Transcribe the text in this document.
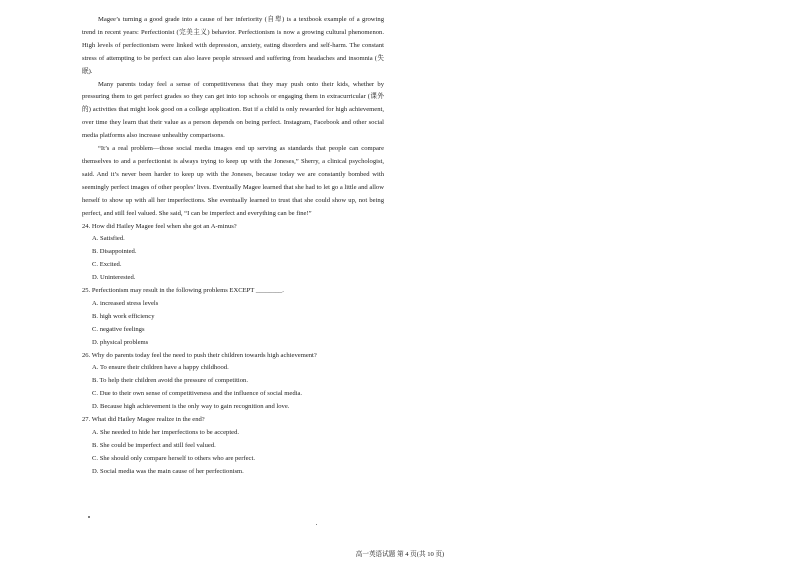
Magee’s turning a good grade into a cause of her inferiority (自卑) is a textbook example of a growing trend in recent years: Perfectionist (完美主义) behavior. Perfectionism is now a growing cultural phenomenon. High levels of perfectionism were linked with depression, anxiety, eating disorders and self-harm. The constant stress of attempting to be perfect can also leave people stressed and suffering from headaches and insomnia (失眠).

Many parents today feel a sense of competitiveness that they may push onto their kids, whether by pressuring them to get perfect grades so they can get into top schools or engaging them in extracurricular (课外的) activities that might look good on a college application. But if a child is only rewarded for high achievement, over time they learn that their value as a person depends on being perfect. Instagram, Facebook and other social media platforms also increase unhealthy comparisons.

“It’s a real problem—those social media images end up serving as standards that people can compare themselves to and a perfectionist is always trying to keep up with the Joneses,” Sherry, a clinical psychologist, said. And it’s never been harder to keep up with the Joneses, because today we are constantly bombed with seemingly perfect images of other peoples’ lives. Eventually Magee learned that she had to let go a little and allow herself to show up with all her imperfections. She eventually learned to trust that she could show up, not being perfect, and still feel valued. She said, “I can be imperfect and everything can be fine!”

24. How did Hailey Magee feel when she got an A-minus?

A. Satisfied.

B. Disappointed.

C. Excited.

D. Uninterested.

25. Perfectionism may result in the following problems EXCEPT ________.

A. increased stress levels

B. high work efficiency

C. negative feelings

D. physical problems

26. Why do parents today feel the need to push their children towards high achievement?

A. To ensure their children have a happy childhood.

B. To help their children avoid the pressure of competition.

C. Due to their own sense of competitiveness and the influence of social media.

D. Because high achievement is the only way to gain recognition and love.

27. What did Hailey Magee realize in the end?

A. She needed to hide her imperfections to be accepted.

B. She could be imperfect and still feel valued.

C. She should only compare herself to others who are perfect.

D. Social media was the main cause of her perfectionism.

高一英语试题 第 4 页(共 10 页)
